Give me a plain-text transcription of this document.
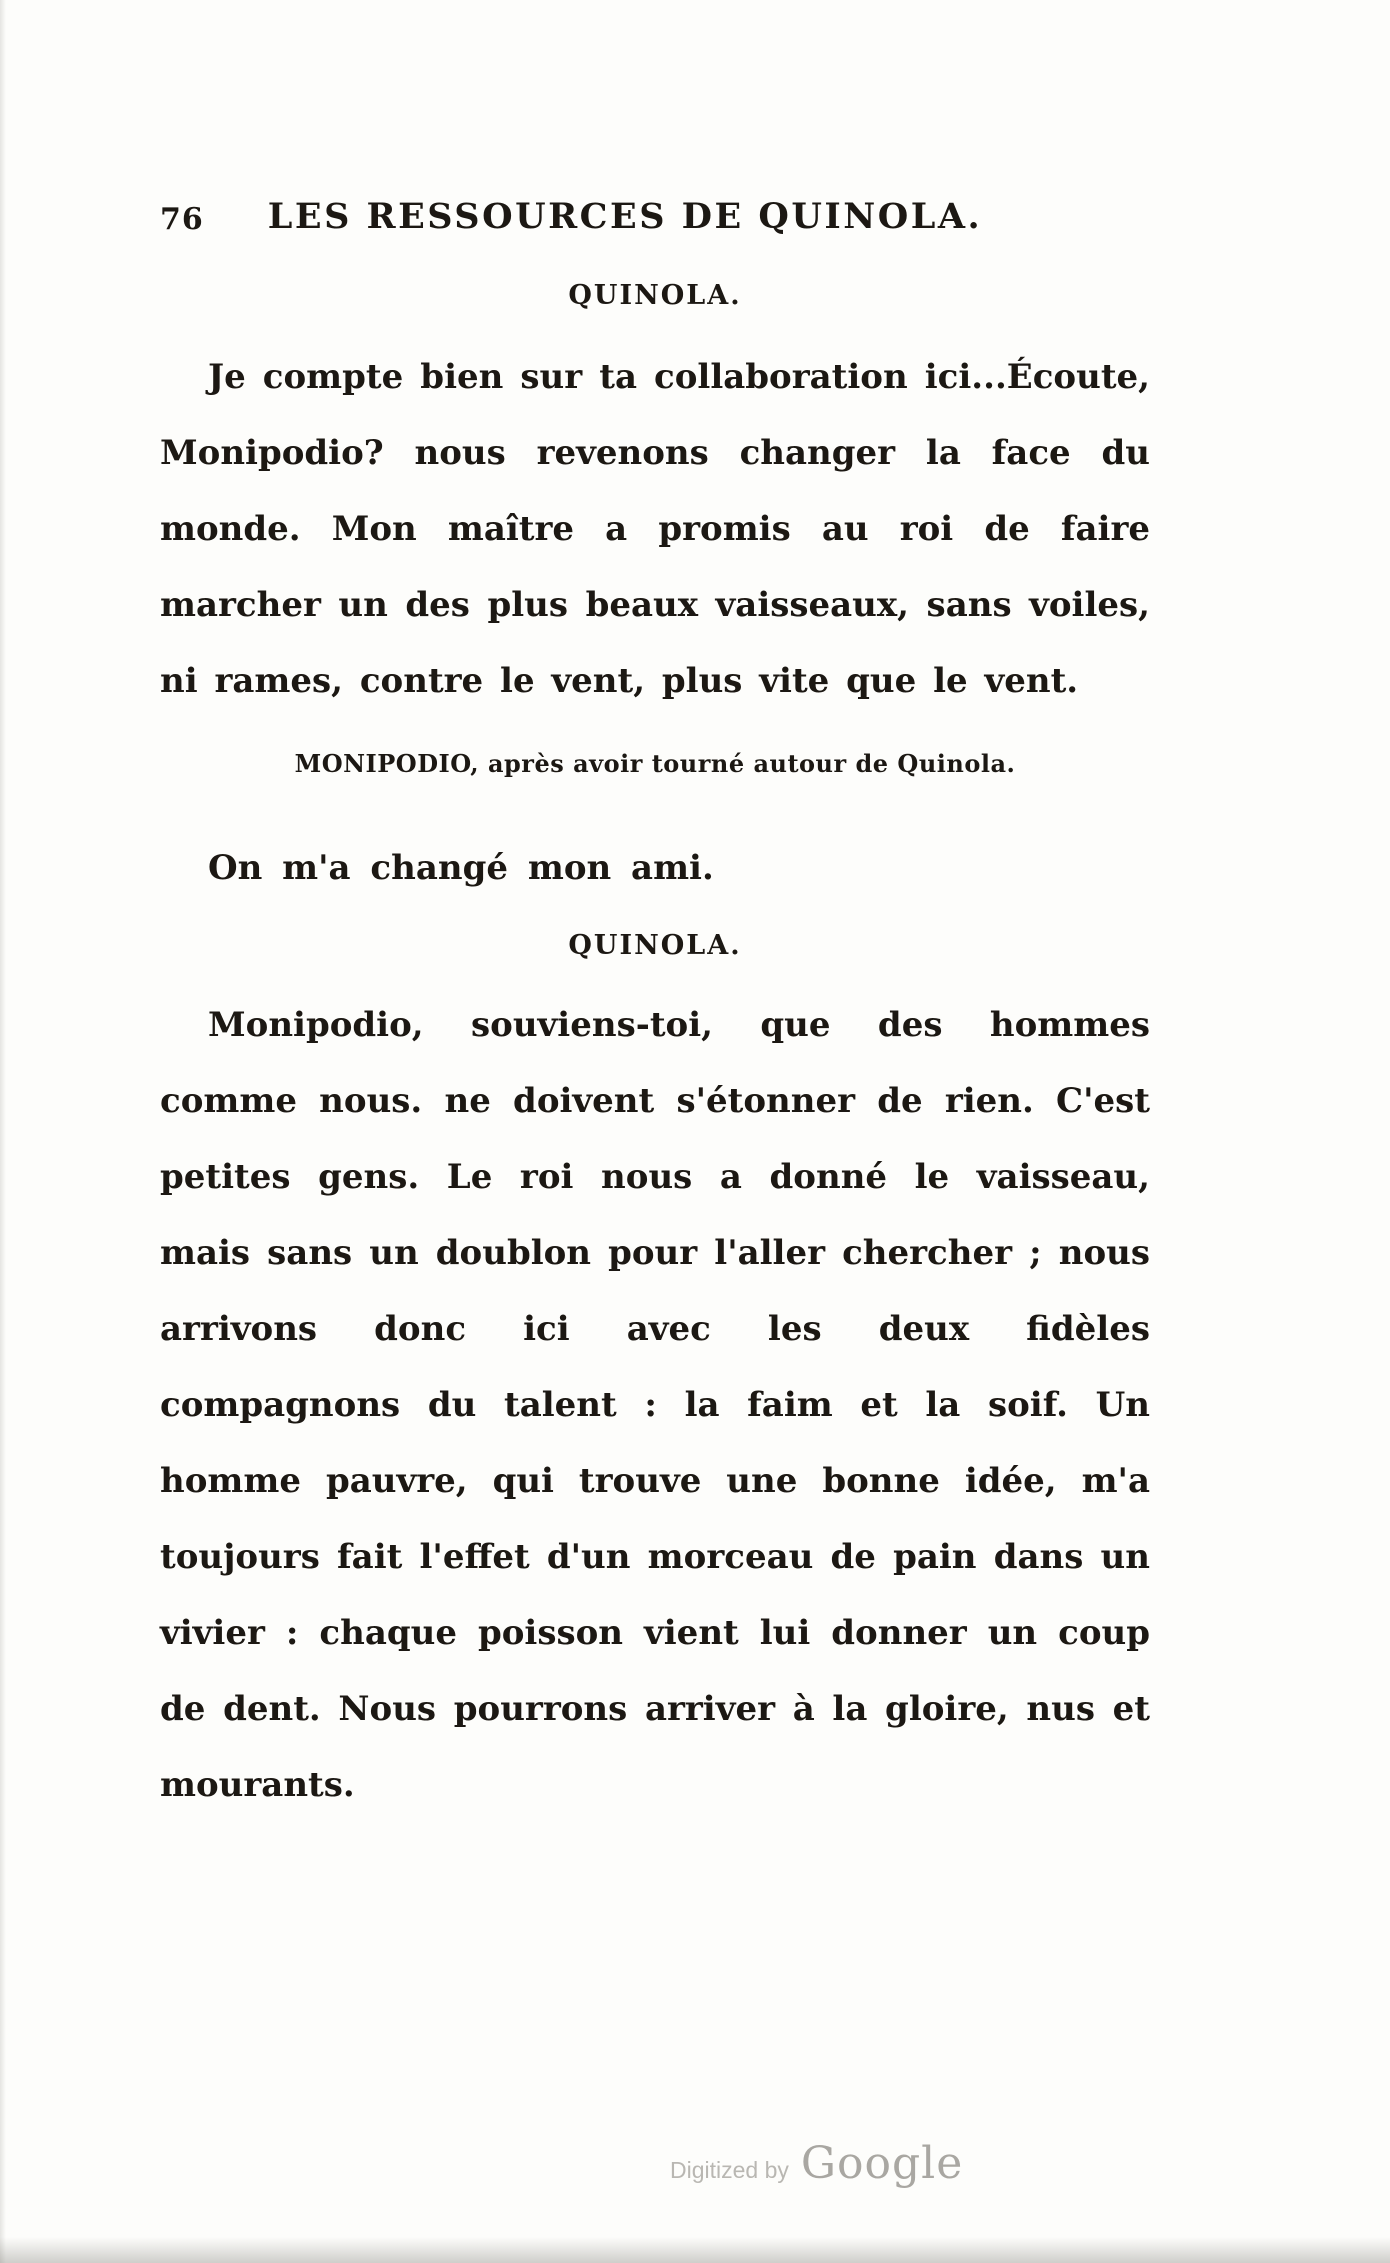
76	LES RESSOURCES DE QUINOLA.
QUINOLA.

Je compte bien sur ta collaboration ici...Écoute, Monipodio? nous revenons changer la face du monde. Mon maître a promis au roi de faire marcher un des plus beaux vaisseaux, sans voiles, ni rames, contre le vent, plus vite que le vent.

MONIPODIO, après avoir tourné autour de Quinola.

On m'a changé mon ami.

QUINOLA.

Monipodio, souviens-toi, que des hommes comme nous. ne doivent s'étonner de rien. C'est petites gens. Le roi nous a donné le vaisseau, mais sans un doublon pour l'aller chercher ; nous arrivons donc ici avec les deux fidèles compagnons du talent : la faim et la soif. Un homme pauvre, qui trouve une bonne idée, m'a toujours fait l'effet d'un morceau de pain dans un vivier : chaque poisson vient lui donner un coup de dent. Nous pourrons arriver à la gloire, nus et mourants.

Digitized by Google
